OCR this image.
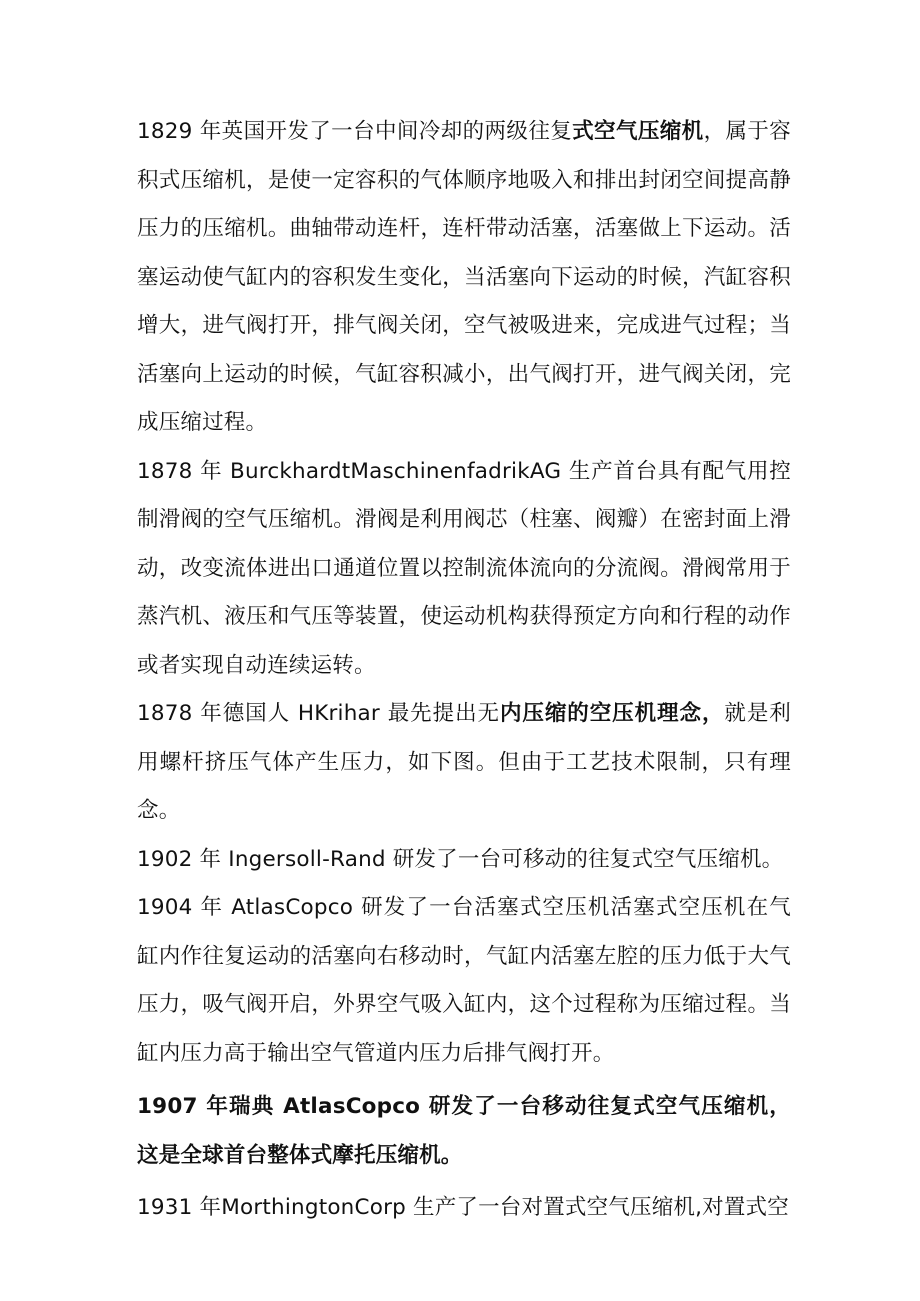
1829 年英国开发了一台中间冷却的两级往复式空气压缩机，属于容积式压缩机，是使一定容积的气体顺序地吸入和排出封闭空间提高静压力的压缩机。曲轴带动连杆，连杆带动活塞，活塞做上下运动。活塞运动使气缸内的容积发生变化，当活塞向下运动的时候，汽缸容积增大，进气阀打开，排气阀关闭，空气被吸进来，完成进气过程；当活塞向上运动的时候，气缸容积减小，出气阀打开，进气阀关闭，完成压缩过程。

1878 年 BurckhardtMaschinenfadrikAG 生产首台具有配气用控制滑阀的空气压缩机。滑阀是利用阀芯（柱塞、阀瓣）在密封面上滑动，改变流体进出口通道位置以控制流体流向的分流阀。滑阀常用于蒸汽机、液压和气压等装置，使运动机构获得预定方向和行程的动作或者实现自动连续运转。

1878 年德国人 HKrihar 最先提出无内压缩的空压机理念，就是利用螺杆挤压气体产生压力，如下图。但由于工艺技术限制，只有理念。

1902 年 Ingersoll-Rand 研发了一台可移动的往复式空气压缩机。

1904 年 AtlasCopco 研发了一台活塞式空压机活塞式空压机在气缸内作往复运动的活塞向右移动时，气缸内活塞左腔的压力低于大气压力，吸气阀开启，外界空气吸入缸内，这个过程称为压缩过程。当缸内压力高于输出空气管道内压力后排气阀打开。

1907 年瑞典 AtlasCopco 研发了一台移动往复式空气压缩机，这是全球首台整体式摩托压缩机。

1931 年MorthingtonCorp 生产了一台对置式空气压缩机,对置式空
